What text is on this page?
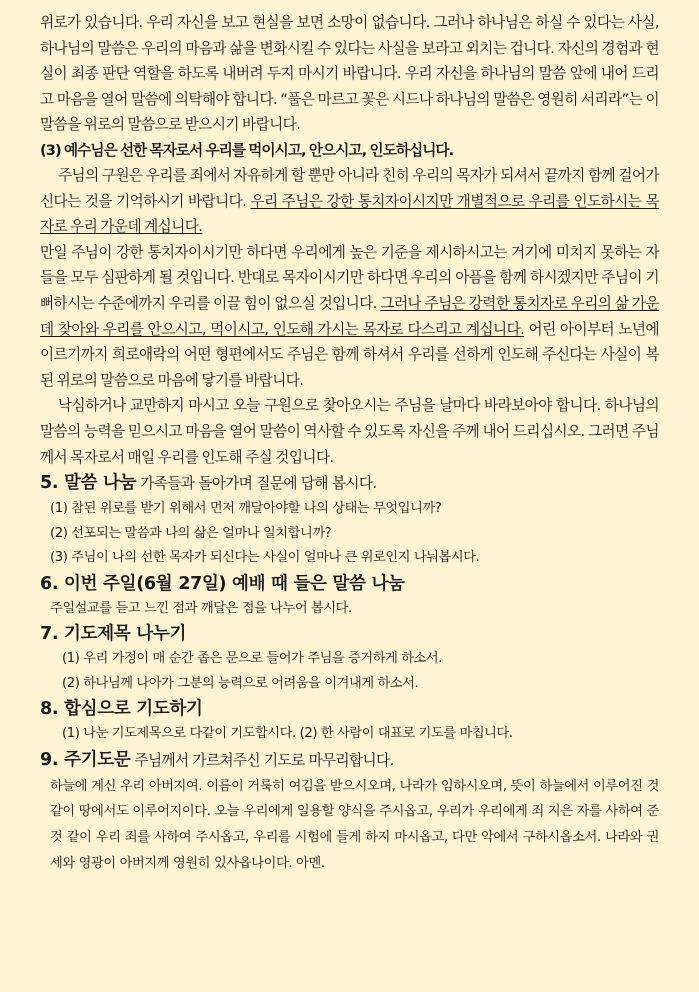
위로가 있습니다. 우리 자신을 보고 현실을 보면 소망이 없습니다. 그러나 하나님은 하실 수 있다는 사실, 하나님의 말씀은 우리의 마음과 삶을 변화시킬 수 있다는 사실을 보라고 외치는 겁니다. 자신의 경험과 현실이 최종 판단 역할을 하도록 내버려 두지 마시기 바랍니다. 우리 자신을 하나님의 말씀 앞에 내어 드리고 마음을 열어 말씀에 의탁해야 합니다. “풀은 마르고 꽃은 시드나 하나님의 말씀은 영원히 서리라”는 이 말씀을 위로의 말씀으로 받으시기 바랍니다.

(3) 예수님은 선한 목자로서 우리를 먹이시고, 안으시고, 인도하십니다.

주님의 구원은 우리를 죄에서 자유하게 할 뿐만 아니라 친히 우리의 목자가 되셔서 끝까지 함께 걸어가신다는 것을 기억하시기 바랍니다. 우리 주님은 강한 통치자이시지만 개별적으로 우리를 인도하시는 목자로 우리 가운데 계십니다.

만일 주님이 강한 통치자이시기만 하다면 우리에게 높은 기준을 제시하시고는 거기에 미치지 못하는 자들을 모두 심판하게 될 것입니다. 반대로 목자이시기만 하다면 우리의 아픔을 함께 하시겠지만 주님이 기뻐하시는 수준에까지 우리를 이끌 힘이 없으실 것입니다. 그러나 주님은 강력한 통치자로 우리의 삶 가운데 찾아와 우리를 안으시고, 먹이시고, 인도해 가시는 목자로 다스리고 계십니다. 어린 아이부터 노년에 이르기까지 희로애락의 어떤 형편에서도 주님은 함께 하셔서 우리를 선하게 인도해 주신다는 사실이 복된 위로의 말씀으로 마음에 닿기를 바랍니다.

낙심하거나 교만하지 마시고 오늘 구원으로 찾아오시는 주님을 날마다 바라보아야 합니다. 하나님의 말씀의 능력을 믿으시고 마음을 열어 말씀이 역사할 수 있도록 자신을 주께 내어 드리십시오. 그러면 주님께서 목자로서 매일 우리를 인도해 주실 것입니다.

5. 말씀 나눔 가족들과 돌아가며 질문에 답해 봅시다.
(1) 참된 위로를 받기 위해서 먼저 깨달아야할 나의 상태는 무엇입니까?
(2) 선포되는 말씀과 나의 삶은 얼마나 일치합니까?
(3) 주님이 나의 선한 목자가 되신다는 사실이 얼마나 큰 위로인지 나눠봅시다.
6. 이번 주일(6월 27일) 예배 때 들은 말씀 나눔
주일설교를 듣고 느낀 점과 깨달은 점을 나누어 봅시다.
7. 기도제목 나누기
(1) 우리 가정이 매 순간 좁은 문으로 들어가 주님을 증거하게 하소서.
(2) 하나님께 나아가 그분의 능력으로 어려움을 이겨내게 하소서.
8. 합심으로 기도하기
(1) 나눈 기도제목으로 다같이 기도합시다. (2) 한 사람이 대표로 기도를 마칩니다.
9. 주기도문 주님께서 가르쳐주신 기도로 마무리합니다.
하늘에 계신 우리 아버지여. 이름이 거룩히 여김을 받으시오며, 나라가 임하시오며, 뜻이 하늘에서 이루어진 것 같이 땅에서도 이루어지이다. 오늘 우리에게 일용할 양식을 주시옵고, 우리가 우리에게 죄 지은 자를 사하여 준 것 같이 우리 죄를 사하여 주시옵고, 우리를 시험에 들게 하지 마시옵고, 다만 악에서 구하시옵소서. 나라와 권세와 영광이 아버지께 영원히 있사옵나이다. 아멘.
